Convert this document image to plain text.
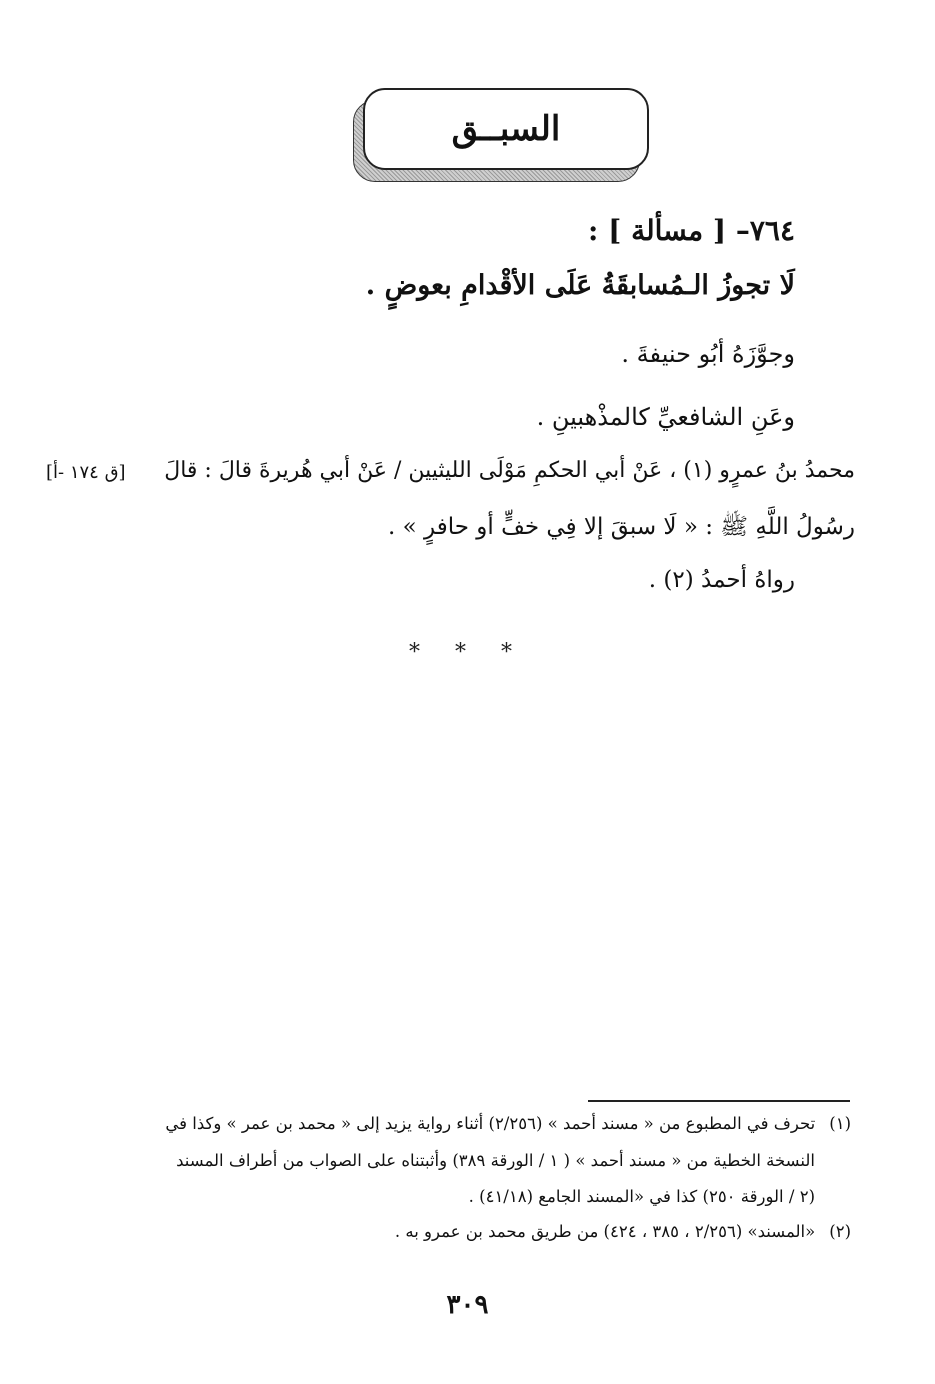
السبــق
٧٦٤– [ مسألة ] :
لَا تجوزُ الـمُسابقَةُ عَلَى الأقْدامِ بعوضٍ .
وجوَّزَهُ أبُو حنيفةَ .
وعَنِ الشافعيِّ كالمذْهبينِ .
محمدُ بنُ عمرٍو (١) ، عَنْ أبي الحكمِ مَوْلَى الليثيين / عَنْ أبي هُريرةَ قالَ : قالَ
[ق ١٧٤ -أ]
رسُولُ اللَّهِ ﷺ : « لَا سبقَ إلا فِي خفٍّ أو حافرٍ » .
رواهُ أحمدُ (٢) .
* * *
(١)تحرف في المطبوع من « مسند أحمد » (٢/٢٥٦) أثناء رواية يزيد إلى « محمد بن عمر » وكذا في
النسخة الخطية من « مسند أحمد » ( ١ / الورقة ٣٨٩) وأثبتناه على الصواب من أطراف المسند
(٢ / الورقة ٢٥٠) كذا في «المسند الجامع (٤١/١٨) .
(٢)«المسند» (٢/٢٥٦ ، ٣٨٥ ، ٤٢٤) من طريق محمد بن عمرو به .
٣٠٩
